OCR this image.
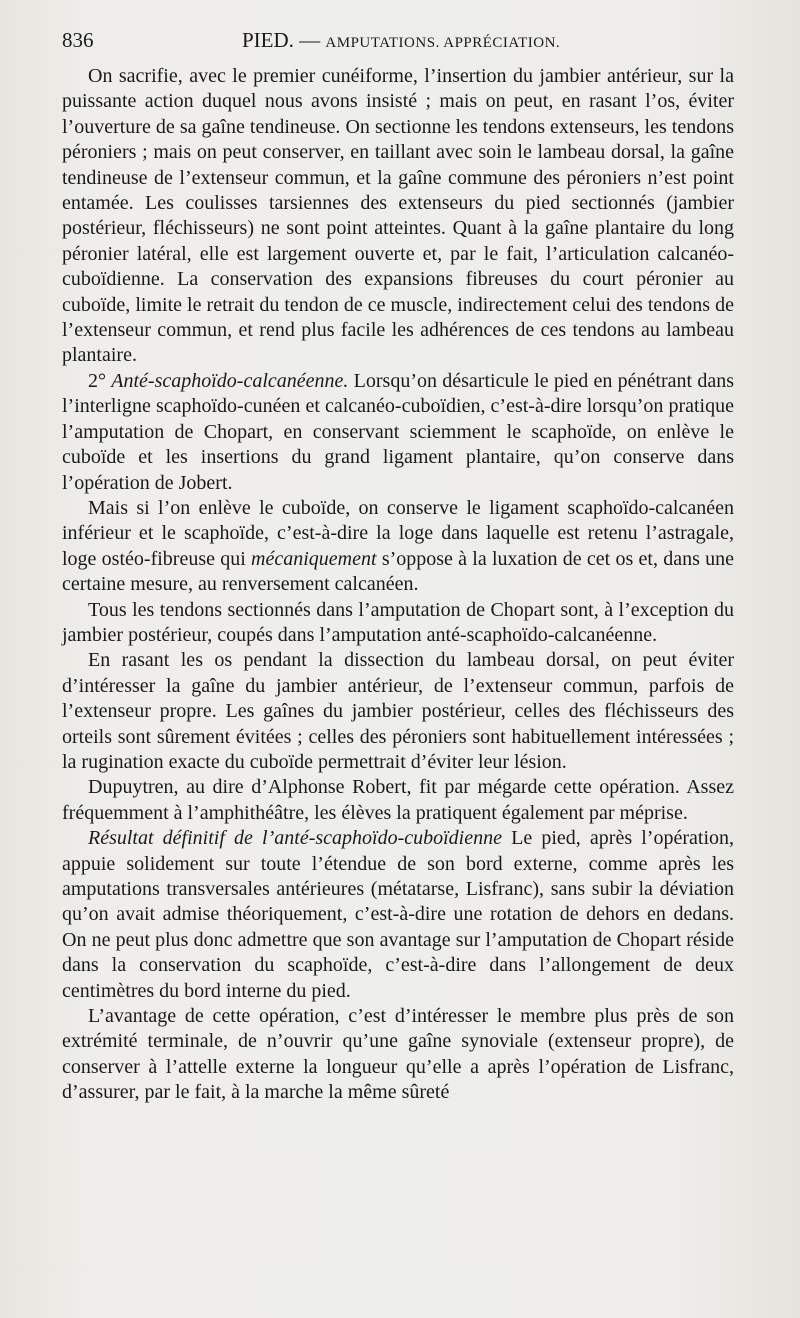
836	PIED. — AMPUTATIONS. APPRÉCIATION.

On sacrifie, avec le premier cunéiforme, l’insertion du jambier antérieur, sur la puissante action duquel nous avons insisté ; mais on peut, en rasant l’os, éviter l’ouverture de sa gaîne tendineuse. On sectionne les tendons extenseurs, les tendons péroniers ; mais on peut conserver, en taillant avec soin le lambeau dorsal, la gaîne tendineuse de l’extenseur commun, et la gaîne commune des péroniers n’est point entamée. Les coulisses tarsiennes des extenseurs du pied sectionnés (jambier postérieur, fléchisseurs) ne sont point atteintes. Quant à la gaîne plantaire du long péronier latéral, elle est largement ouverte et, par le fait, l’articulation calcanéo-cuboïdienne. La conservation des expansions fibreuses du court péronier au cuboïde, limite le retrait du tendon de ce muscle, indirectement celui des tendons de l’extenseur commun, et rend plus facile les adhérences de ces tendons au lambeau plantaire.

2° Anté-scaphoïdo-calcanéenne. Lorsqu’on désarticule le pied en pénétrant dans l’interligne scaphoïdo-cunéen et calcanéo-cuboïdien, c’est-à-dire lorsqu’on pratique l’amputation de Chopart, en conservant sciemment le scaphoïde, on enlève le cuboïde et les insertions du grand ligament plantaire, qu’on conserve dans l’opération de Jobert.

Mais si l’on enlève le cuboïde, on conserve le ligament scaphoïdo-calcanéen inférieur et le scaphoïde, c’est-à-dire la loge dans laquelle est retenu l’astragale, loge ostéo-fibreuse qui mécaniquement s’oppose à la luxation de cet os et, dans une certaine mesure, au renversement calcanéen.

Tous les tendons sectionnés dans l’amputation de Chopart sont, à l’exception du jambier postérieur, coupés dans l’amputation anté-scaphoïdo-calcanéenne.

En rasant les os pendant la dissection du lambeau dorsal, on peut éviter d’intéresser la gaîne du jambier antérieur, de l’extenseur commun, parfois de l’extenseur propre. Les gaînes du jambier postérieur, celles des fléchisseurs des orteils sont sûrement évitées ; celles des péroniers sont habituellement intéressées ; la rugination exacte du cuboïde permettrait d’éviter leur lésion.

Dupuytren, au dire d’Alphonse Robert, fit par mégarde cette opération. Assez fréquemment à l’amphithéâtre, les élèves la pratiquent également par méprise.

Résultat définitif de l’anté-scaphoïdo-cuboïdienne Le pied, après l’opération, appuie solidement sur toute l’étendue de son bord externe, comme après les amputations transversales antérieures (métatarse, Lisfranc), sans subir la déviation qu’on avait admise théoriquement, c’est-à-dire une rotation de dehors en dedans. On ne peut plus donc admettre que son avantage sur l’amputation de Chopart réside dans la conservation du scaphoïde, c’est-à-dire dans l’allongement de deux centimètres du bord interne du pied.

L’avantage de cette opération, c’est d’intéresser le membre plus près de son extrémité terminale, de n’ouvrir qu’une gaîne synoviale (extenseur propre), de conserver à l’attelle externe la longueur qu’elle a après l’opération de Lisfranc, d’assurer, par le fait, à la marche la même sûreté
